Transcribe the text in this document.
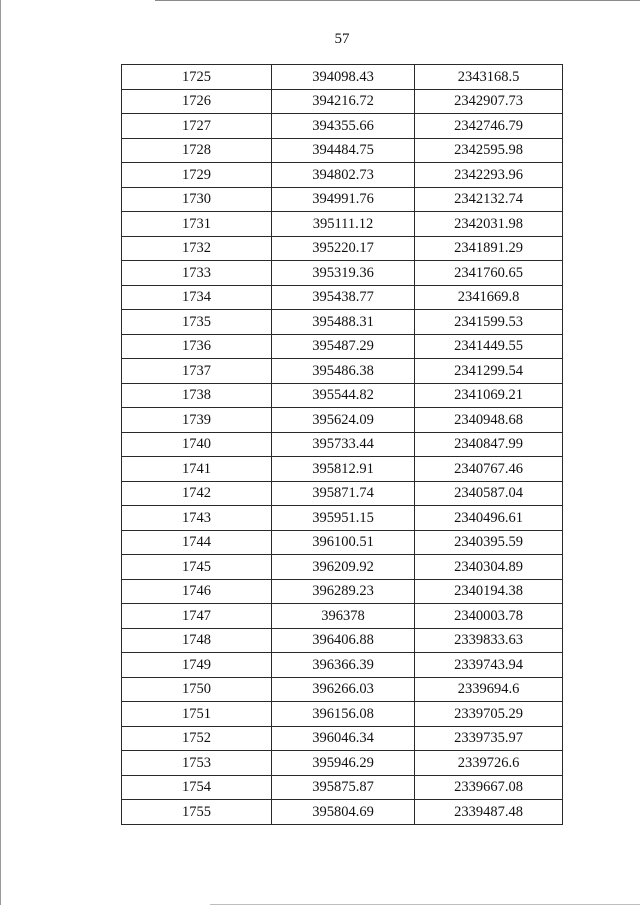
57
1725	394098.43	2343168.5
1726	394216.72	2342907.73
1727	394355.66	2342746.79
1728	394484.75	2342595.98
1729	394802.73	2342293.96
1730	394991.76	2342132.74
1731	395111.12	2342031.98
1732	395220.17	2341891.29
1733	395319.36	2341760.65
1734	395438.77	2341669.8
1735	395488.31	2341599.53
1736	395487.29	2341449.55
1737	395486.38	2341299.54
1738	395544.82	2341069.21
1739	395624.09	2340948.68
1740	395733.44	2340847.99
1741	395812.91	2340767.46
1742	395871.74	2340587.04
1743	395951.15	2340496.61
1744	396100.51	2340395.59
1745	396209.92	2340304.89
1746	396289.23	2340194.38
1747	396378	2340003.78
1748	396406.88	2339833.63
1749	396366.39	2339743.94
1750	396266.03	2339694.6
1751	396156.08	2339705.29
1752	396046.34	2339735.97
1753	395946.29	2339726.6
1754	395875.87	2339667.08
1755	395804.69	2339487.48
